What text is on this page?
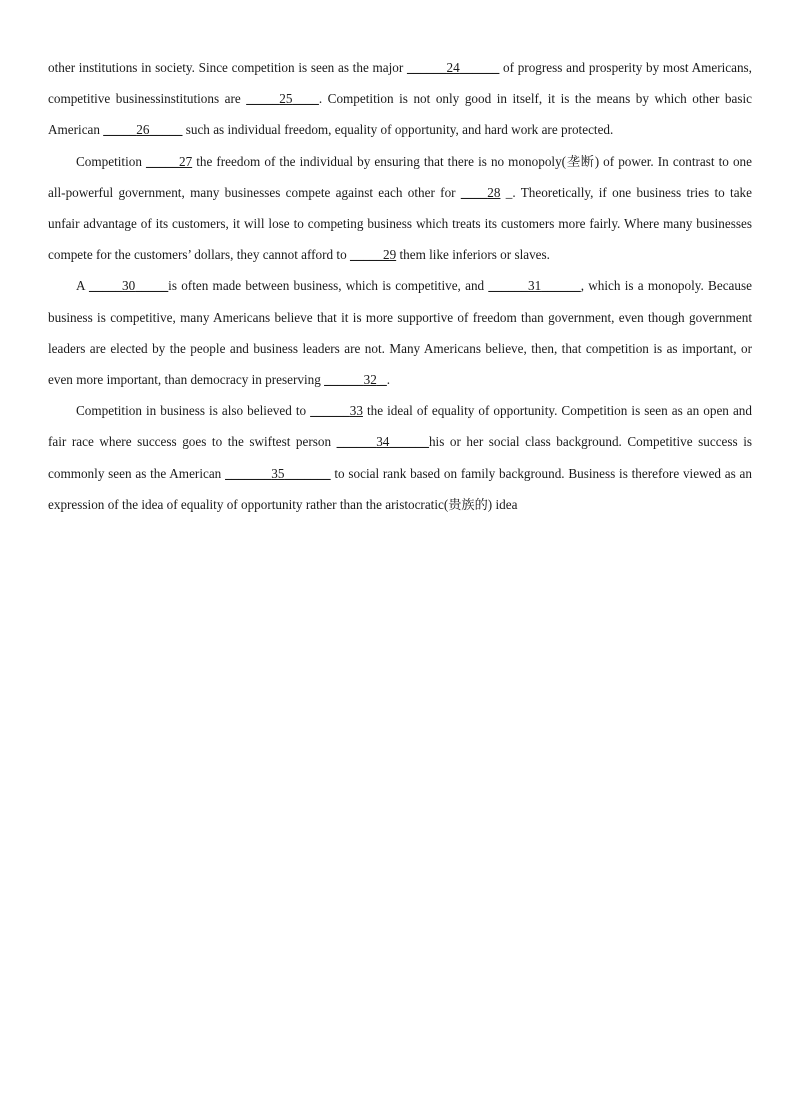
other institutions in society. Since competition is seen as the major ______24______ of progress and prosperity by most Americans, competitive businessinstitutions are _____25____. Competition is not only good in itself, it is the means by which other basic American _____26_____ such as individual freedom, equality of opportunity, and hard work are protected.

Competition _____27 the freedom of the individual by ensuring that there is no monopoly(垄断) of power. In contrast to one all-powerful government, many businesses compete against each other for ____28 _. Theoretically, if one business tries to take unfair advantage of its customers, it will lose to competing business which treats its customers more fairly. Where many businesses compete for the customers’ dollars, they cannot afford to _____29 them like inferiors or slaves.

A _____30_____is often made between business, which is competitive, and ______31______, which is a monopoly. Because business is competitive, many Americans believe that it is more supportive of freedom than government, even though government leaders are elected by the people and business leaders are not. Many Americans believe, then, that competition is as important, or even more important, than democracy in preserving ______32 _.

Competition in business is also believed to ______33 the ideal of equality of opportunity. Competition is seen as an open and fair race where success goes to the swiftest person ______34______his or her social class background. Competitive success is commonly seen as the American _______35_______ to social rank based on family background. Business is therefore viewed as an expression of the idea of equality of opportunity rather than the aristocratic(贵族的) idea
